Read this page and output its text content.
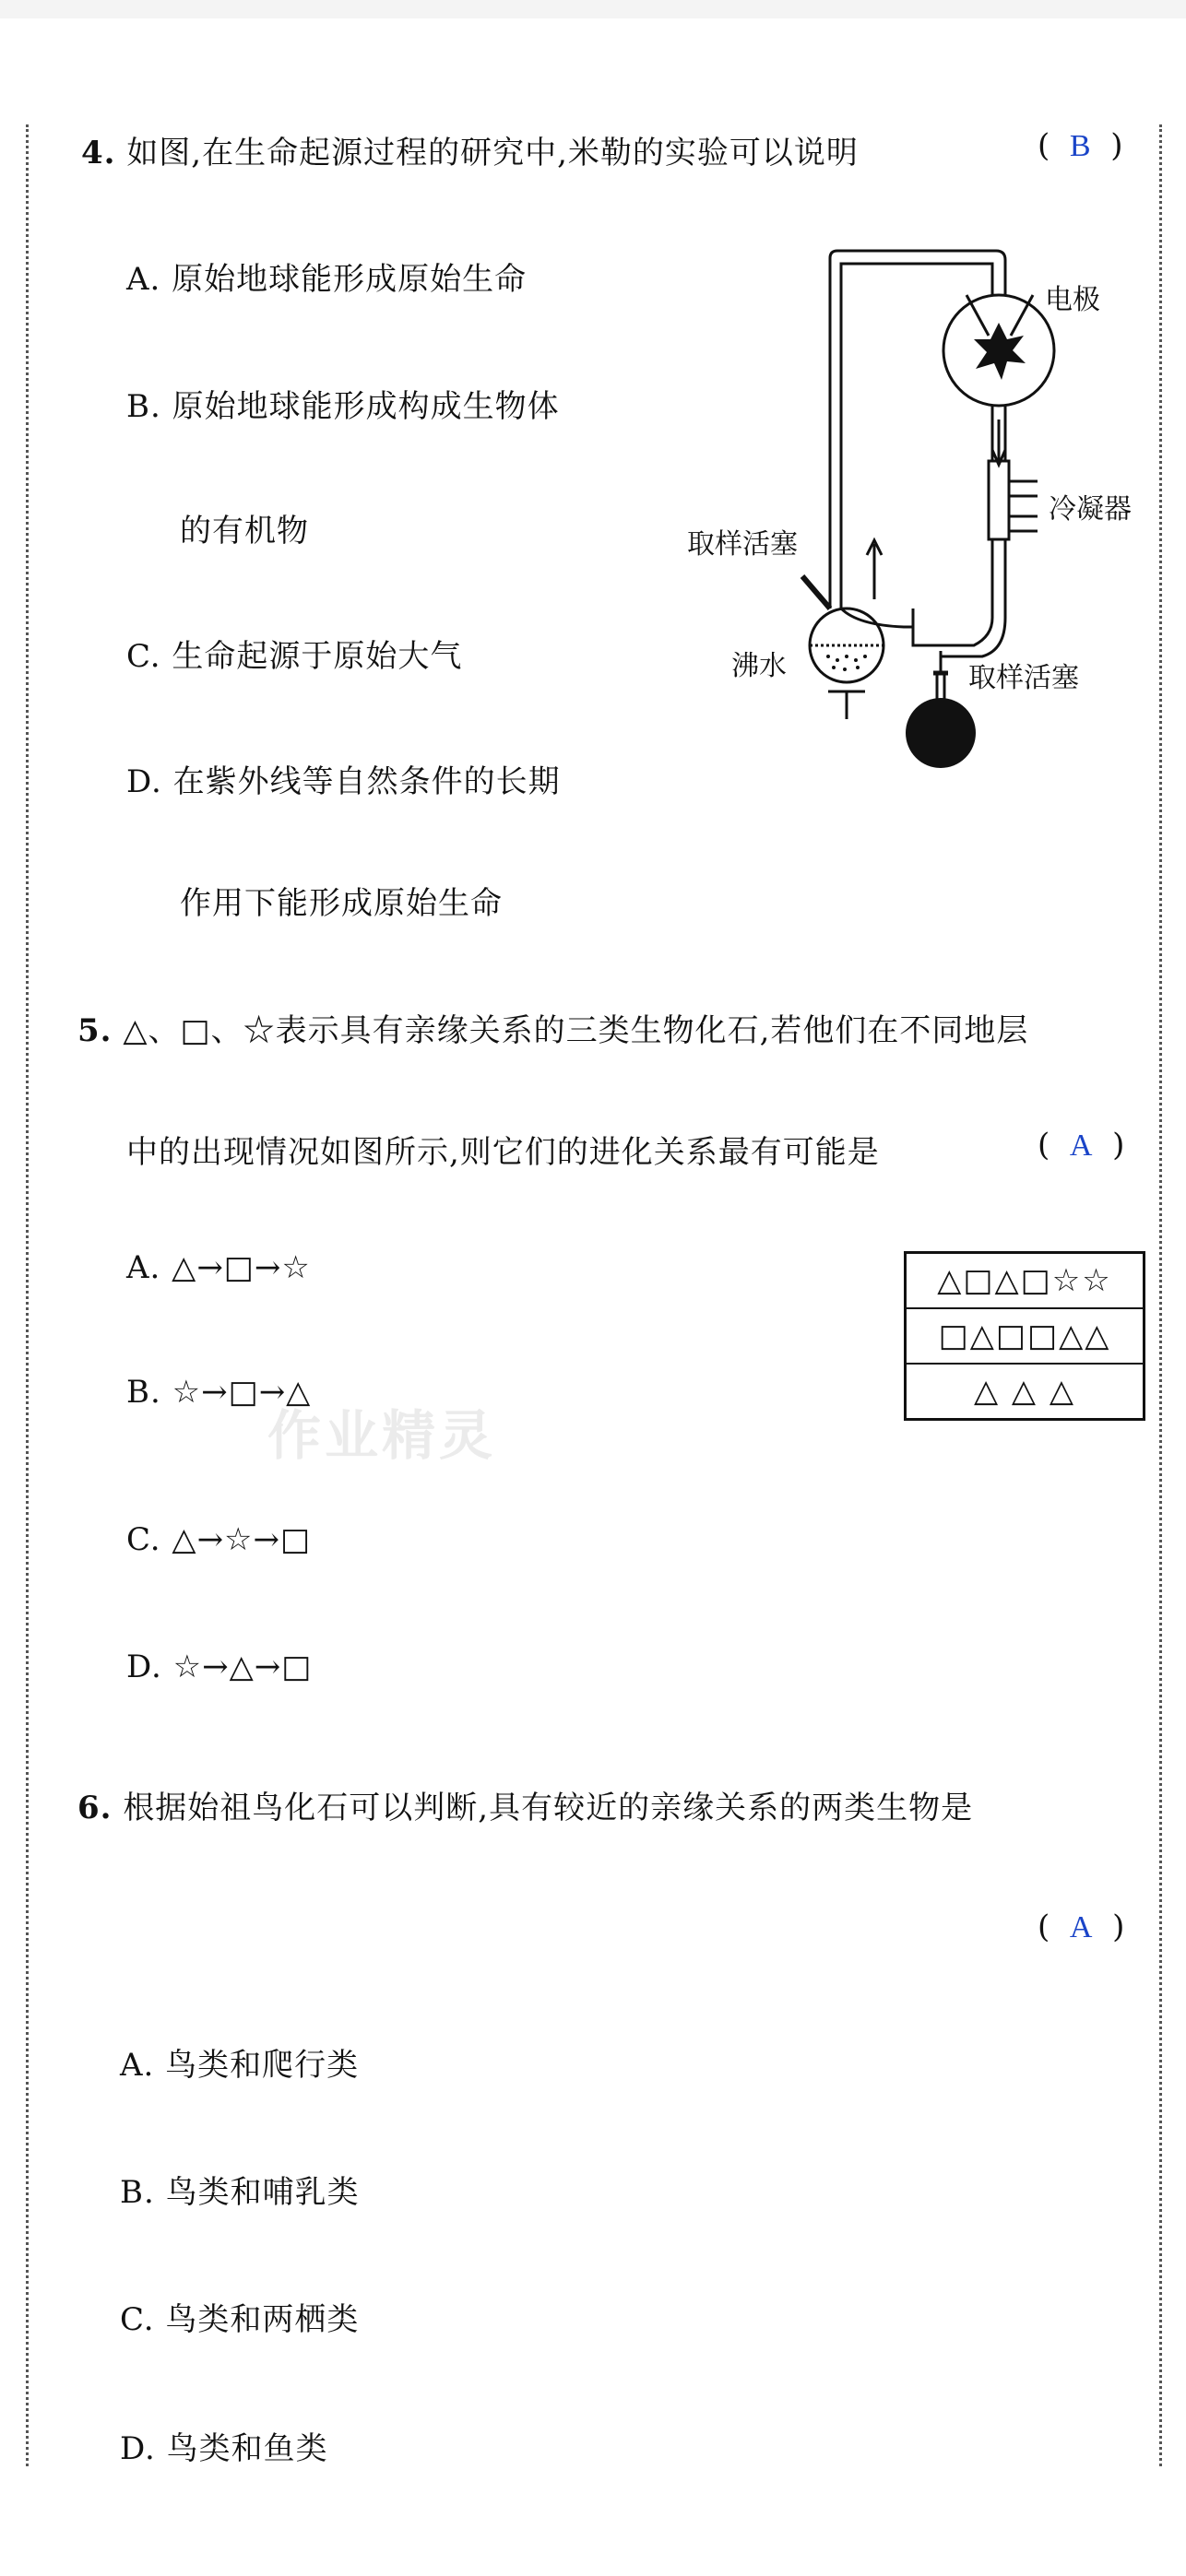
4. 如图,在生命起源过程的研究中,米勒的实验可以说明	(  B  )
A. 原始地球能形成原始生命
B. 原始地球能形成构成生物体
的有机物
C. 生命起源于原始大气
D. 在紫外线等自然条件的长期
作用下能形成原始生命
电极
冷凝器
取样活塞
沸水	取样活塞
5. △、□、☆表示具有亲缘关系的三类生物化石,若他们在不同地层
中的出现情况如图所示,则它们的进化关系最有可能是	(  A  )
A. △→□→☆
B. ☆→□→△
C. △→☆→□
D. ☆→△→□
△□△□☆☆
□△□□△△
△ △ △
作业精灵
6. 根据始祖鸟化石可以判断,具有较近的亲缘关系的两类生物是
(  A  )
A. 鸟类和爬行类
B. 鸟类和哺乳类
C. 鸟类和两栖类
D. 鸟类和鱼类
